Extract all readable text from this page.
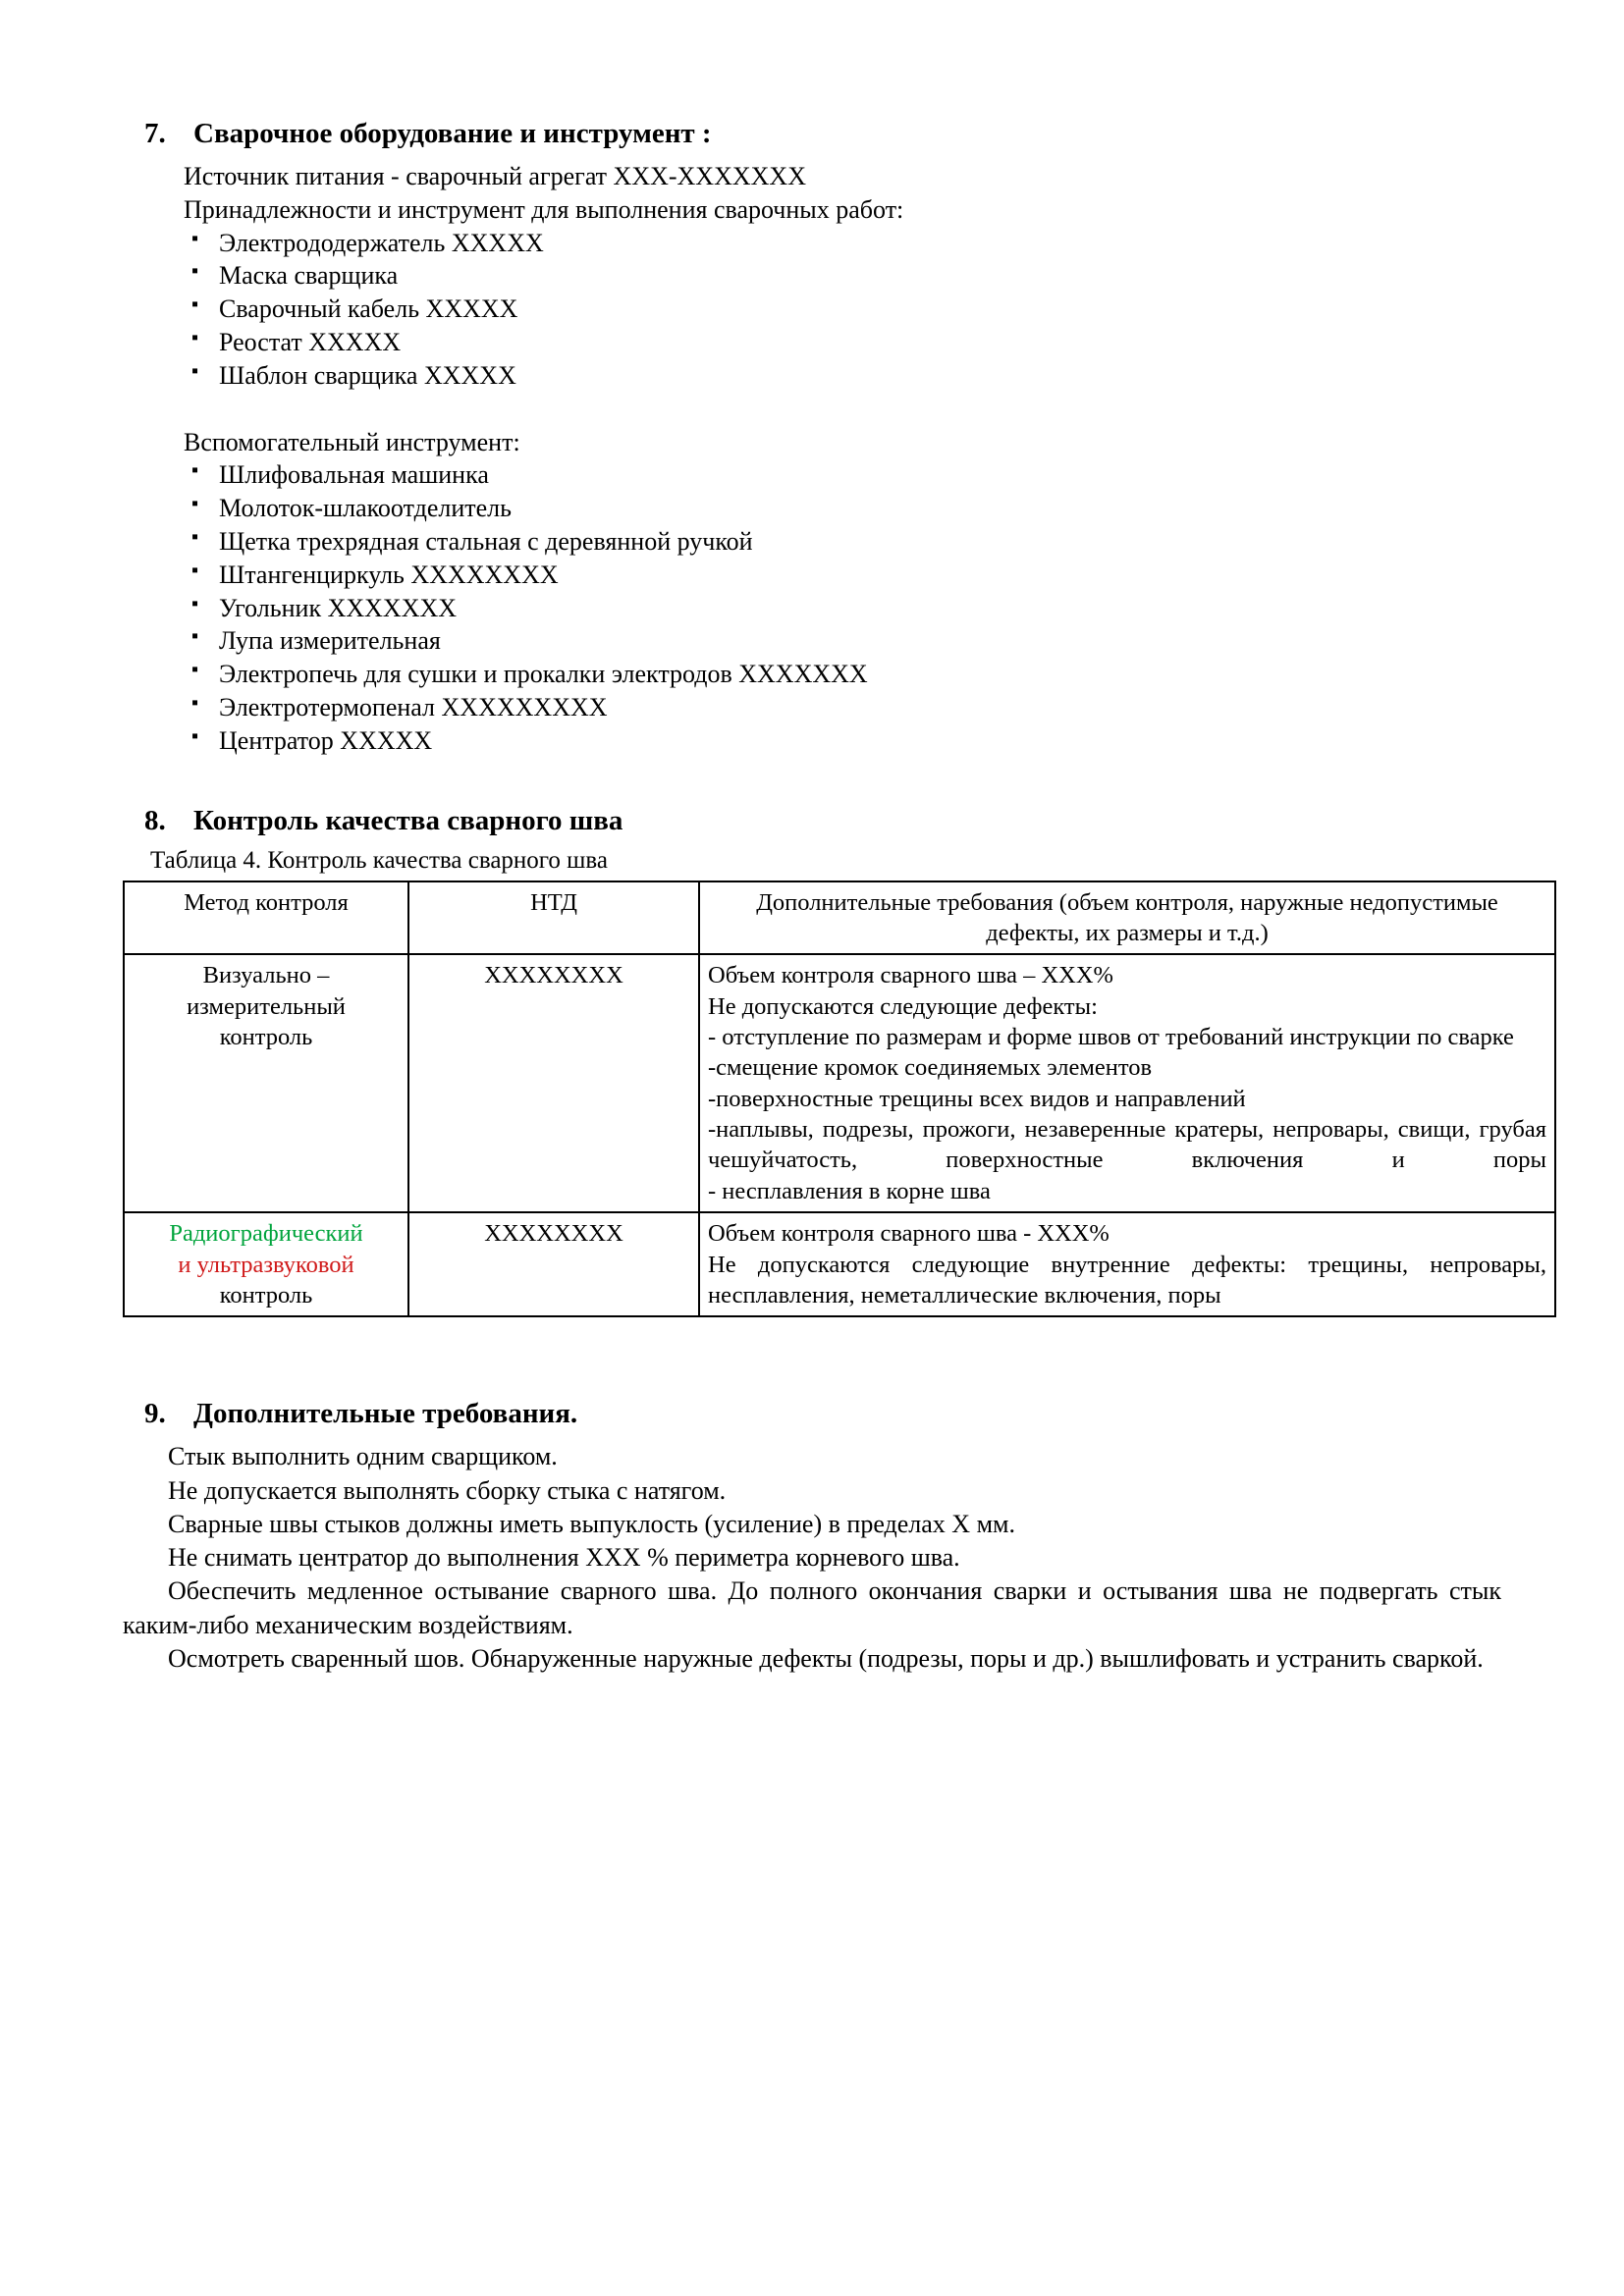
7. Сварочное оборудование и инструмент :

Источник питания - сварочный агрегат XXX-XXXXXXX

Принадлежности и инструмент для выполнения сварочных работ:

▪ Электрододержатель XXXXX
▪ Маска сварщика
▪ Сварочный кабель XXXXX
▪ Реостат XXXXX
▪ Шаблон сварщика XXXXX

Вспомогательный инструмент:

▪ Шлифовальная машинка
▪ Молоток-шлакоотделитель
▪ Щетка трехрядная стальная с деревянной ручкой
▪ Штангенциркуль XXXXXXXX
▪ Угольник XXXXXXX
▪ Лупа измерительная
▪ Электропечь для сушки и прокалки электродов XXXXXXX
▪ Электротермопенал XXXXXXXXX
▪ Центратор XXXXX
8. Контроль качества сварного шва

Таблица 4. Контроль качества сварного шва

Метод контроля	НТД	Дополнительные требования (объем контроля, наружные недопустимые дефекты, их размеры и т.д.)

Визуально –
измерительный
контроль
	XXXXXXXX	Объем контроля сварного шва – XXX%

Не допускаются следующие дефекты:

- отступление по размерам и форме швов от требований инструкции по сварке

-смещение кромок соединяемых элементов

-поверхностные трещины всех видов и направлений

-наплывы, подрезы, прожоги, незаверенные кратеры, непровары, свищи, грубая чешуйчатость, поверхностные включения и поры

- несплавления в корне шва

Радиографический
и ультразвуковой
контроль
	XXXXXXXX	Объем контроля сварного шва - XXX%

Не допускаются следующие внутренние дефекты: трещины, непровары, несплавления, неметаллические включения, поры

9. Дополнительные требования.

Стык выполнить одним сварщиком.

Не допускается выполнять сборку стыка с натягом.

Сварные швы стыков должны иметь выпуклость (усиление) в пределах X мм.

Не снимать центратор до выполнения XXX % периметра корневого шва.

Обеспечить медленное остывание сварного шва. До полного окончания сварки и остывания шва не подвергать стык каким-либо механическим воздействиям.

Осмотреть сваренный шов. Обнаруженные наружные дефекты (подрезы, поры и др.) вышлифовать и устранить сваркой.
